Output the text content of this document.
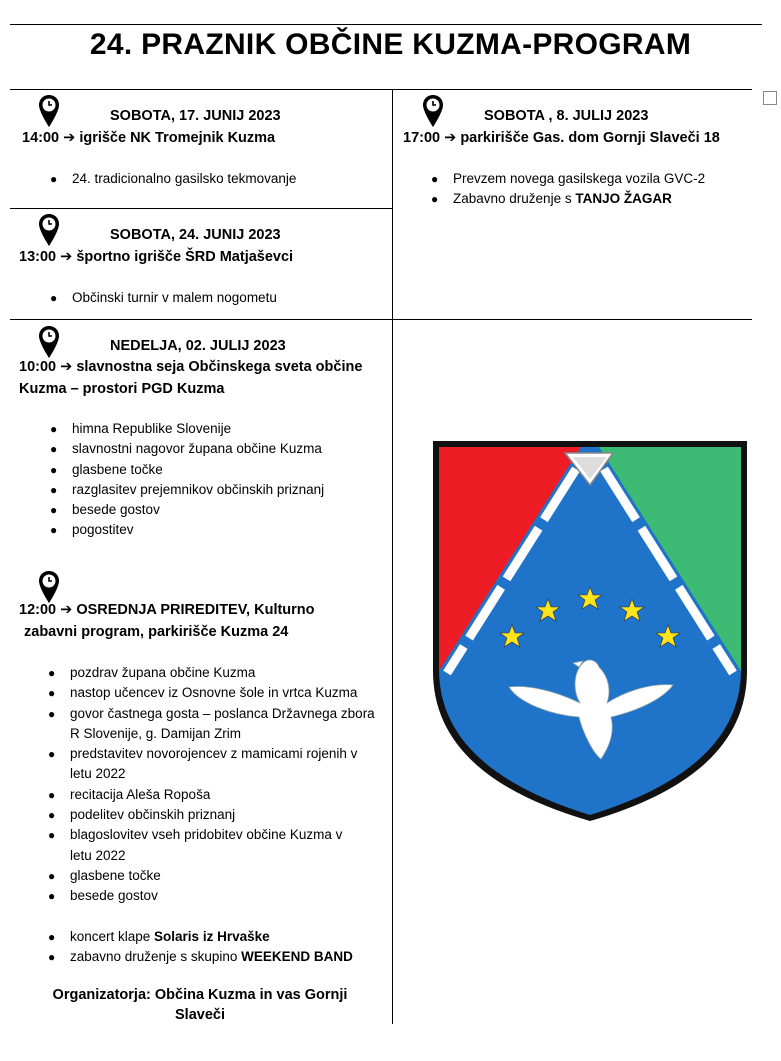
24. PRAZNIK OBČINE KUZMA-PROGRAM
SOBOTA, 17. JUNIJ 2023
14:00 ➔ igrišče NK Tromejnik Kuzma
● 24. tradicionalno gasilsko tekmovanje
SOBOTA, 24. JUNIJ 2023
13:00 ➔ športno igrišče ŠRD Matjaševci
● Občinski turnir v malem nogometu
NEDELJA, 02. JULIJ 2023
10:00 ➔ slavnostna seja Občinskega sveta občine
Kuzma – prostori PGD Kuzma
● himna Republike Slovenije
● slavnostni nagovor župana občine Kuzma
● glasbene točke
● razglasitev prejemnikov občinskih priznanj
● besede gostov
● pogostitev
12:00 ➔ OSREDNJA PRIREDITEV, Kulturno
zabavni program, parkirišče Kuzma 24
● pozdrav župana občine Kuzma
● nastop učencev iz Osnovne šole in vrtca Kuzma
● govor častnega gosta – poslanca Državnega zbora
R Slovenije, g. Damijan Zrim
● predstavitev novorojencev z mamicami rojenih v
letu 2022
● recitacija Aleša Ropoša
● podelitev občinskih priznanj
● blagoslovitev vseh pridobitev občine Kuzma v
letu 2022
● glasbene točke
● besede gostov
● koncert klape Solaris iz Hrvaške
● zabavno druženje s skupino WEEKEND BAND
Organizatorja: Občina Kuzma in vas Gornji
Slaveči
SOBOTA , 8. JULIJ 2023
17:00 ➔ parkirišče Gas. dom Gornji Slaveči 18
● Prevzem novega gasilskega vozila GVC-2
● Zabavno druženje s TANJO ŽAGAR
